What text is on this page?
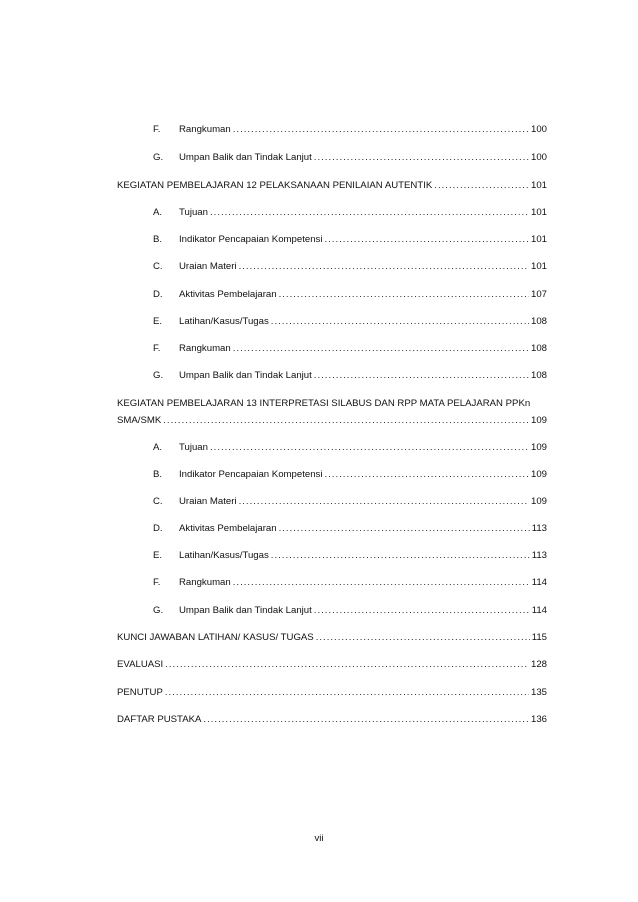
F.	Rangkuman .....	100
G.	Umpan Balik dan Tindak Lanjut .....	100
KEGIATAN PEMBELAJARAN 12 PELAKSANAAN PENILAIAN AUTENTIK .....	101
A.	Tujuan .....	101
B.	Indikator Pencapaian Kompetensi .....	101
C.	Uraian Materi .....	101
D.	Aktivitas Pembelajaran .....	107
E.	Latihan/Kasus/Tugas .....	108
F.	Rangkuman .....	108
G.	Umpan Balik dan Tindak Lanjut .....	108
KEGIATAN PEMBELAJARAN 13 INTERPRETASI SILABUS DAN RPP MATA PELAJARAN PPKn
SMA/SMK .....	109
A.	Tujuan .....	109
B.	Indikator Pencapaian Kompetensi .....	109
C.	Uraian Materi .....	109
D.	Aktivitas Pembelajaran .....	113
E.	Latihan/Kasus/Tugas .....	113
F.	Rangkuman .....	114
G.	Umpan Balik dan Tindak Lanjut .....	114
KUNCI JAWABAN LATIHAN/ KASUS/ TUGAS .....	115
EVALUASI .....	128
PENUTUP .....	135
DAFTAR PUSTAKA .....	136
vii
